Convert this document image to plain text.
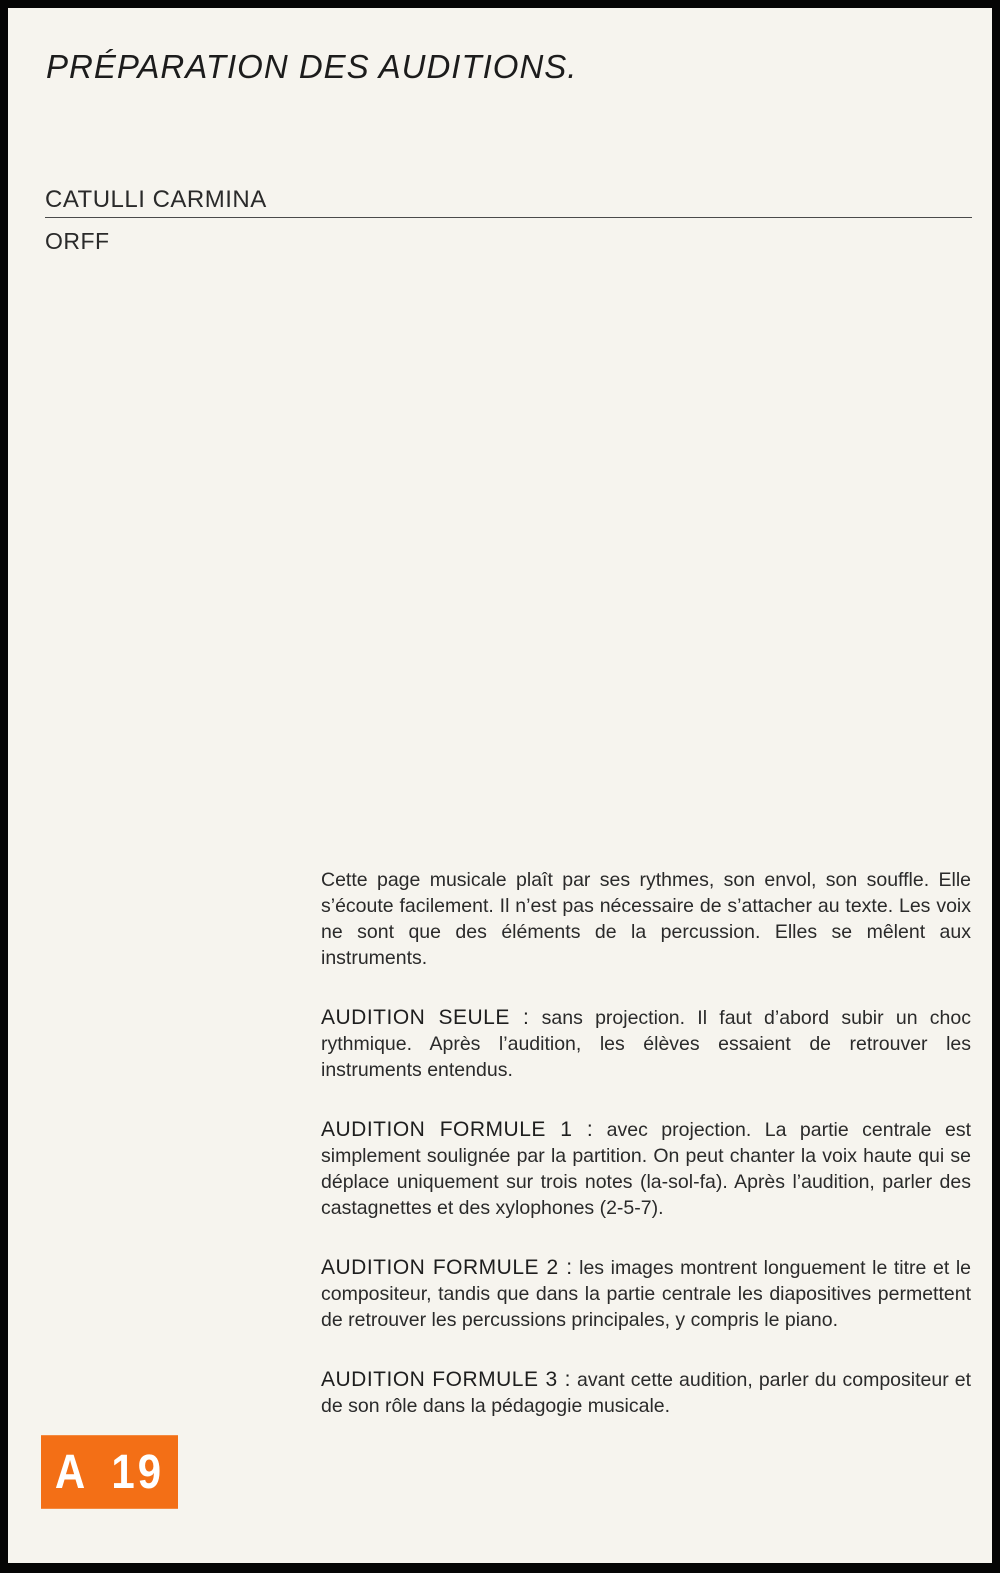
PRÉPARATION DES AUDITIONS.
CATULLI CARMINA
ORFF

Cette page musicale plaît par ses rythmes, son envol, son souffle. Elle s’écoute facilement. Il n’est pas nécessaire de s’attacher au texte. Les voix ne sont que des éléments de la percussion. Elles se mêlent aux instruments.

AUDITION SEULE : sans projection. Il faut d’abord subir un choc rythmique. Après l’audition, les élèves essaient de retrouver les instruments entendus.

AUDITION FORMULE 1 : avec projection. La partie centrale est simplement soulignée par la partition. On peut chanter la voix haute qui se déplace uniquement sur trois notes (la-sol-fa). Après l’audition, parler des castagnettes et des xylophones (2-5-7).

AUDITION FORMULE 2 : les images montrent longuement le titre et le compositeur, tandis que dans la partie centrale les diapositives permettent de retrouver les percussions principales, y compris le piano.

AUDITION FORMULE 3 : avant cette audition, parler du compositeur et de son rôle dans la pédagogie musicale.

A 19
